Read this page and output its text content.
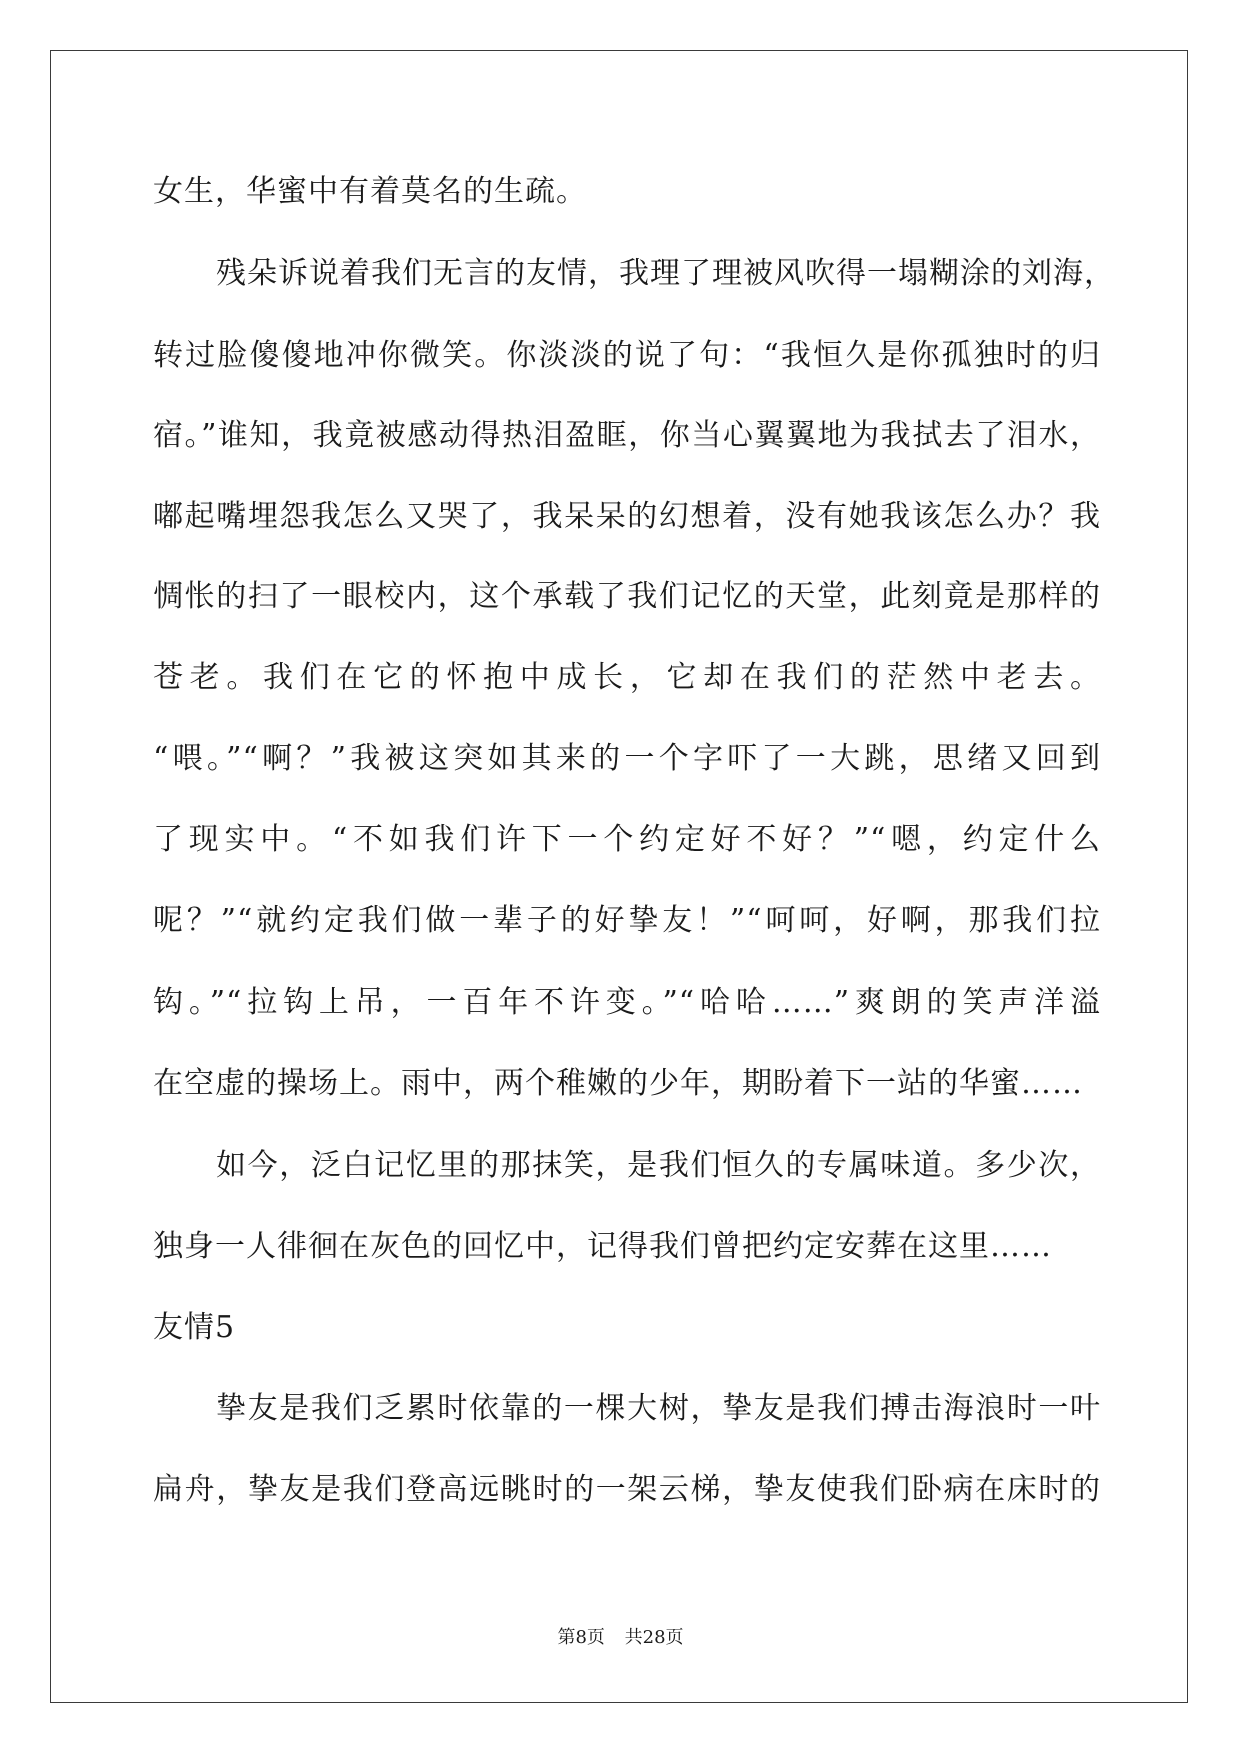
女生，华蜜中有着莫名的生疏。
残朵诉说着我们无言的友情，我理了理被风吹得一塌糊涂的刘海，
转过脸傻傻地冲你微笑。你淡淡的说了句：“我恒久是你孤独时的归
宿。”谁知，我竟被感动得热泪盈眶，你当心翼翼地为我拭去了泪水，
嘟起嘴埋怨我怎么又哭了，我呆呆的幻想着，没有她我该怎么办？我
惆怅的扫了一眼校内，这个承载了我们记忆的天堂，此刻竟是那样的
苍老。我们在它的怀抱中成长，它却在我们的茫然中老去。
“喂。”“啊？”我被这突如其来的一个字吓了一大跳，思绪又回到
了现实中。“不如我们许下一个约定好不好？”“嗯，约定什么
呢？”“就约定我们做一辈子的好挚友！”“呵呵，好啊，那我们拉
钩。”“拉钩上吊，一百年不许变。”“哈哈……”爽朗的笑声洋溢
在空虚的操场上。雨中，两个稚嫩的少年，期盼着下一站的华蜜……
如今，泛白记忆里的那抹笑，是我们恒久的专属味道。多少次，
独身一人徘徊在灰色的回忆中，记得我们曾把约定安葬在这里……
友情5
挚友是我们乏累时依靠的一棵大树，挚友是我们搏击海浪时一叶
扁舟，挚友是我们登高远眺时的一架云梯，挚友使我们卧病在床时的
第8页 共28页
